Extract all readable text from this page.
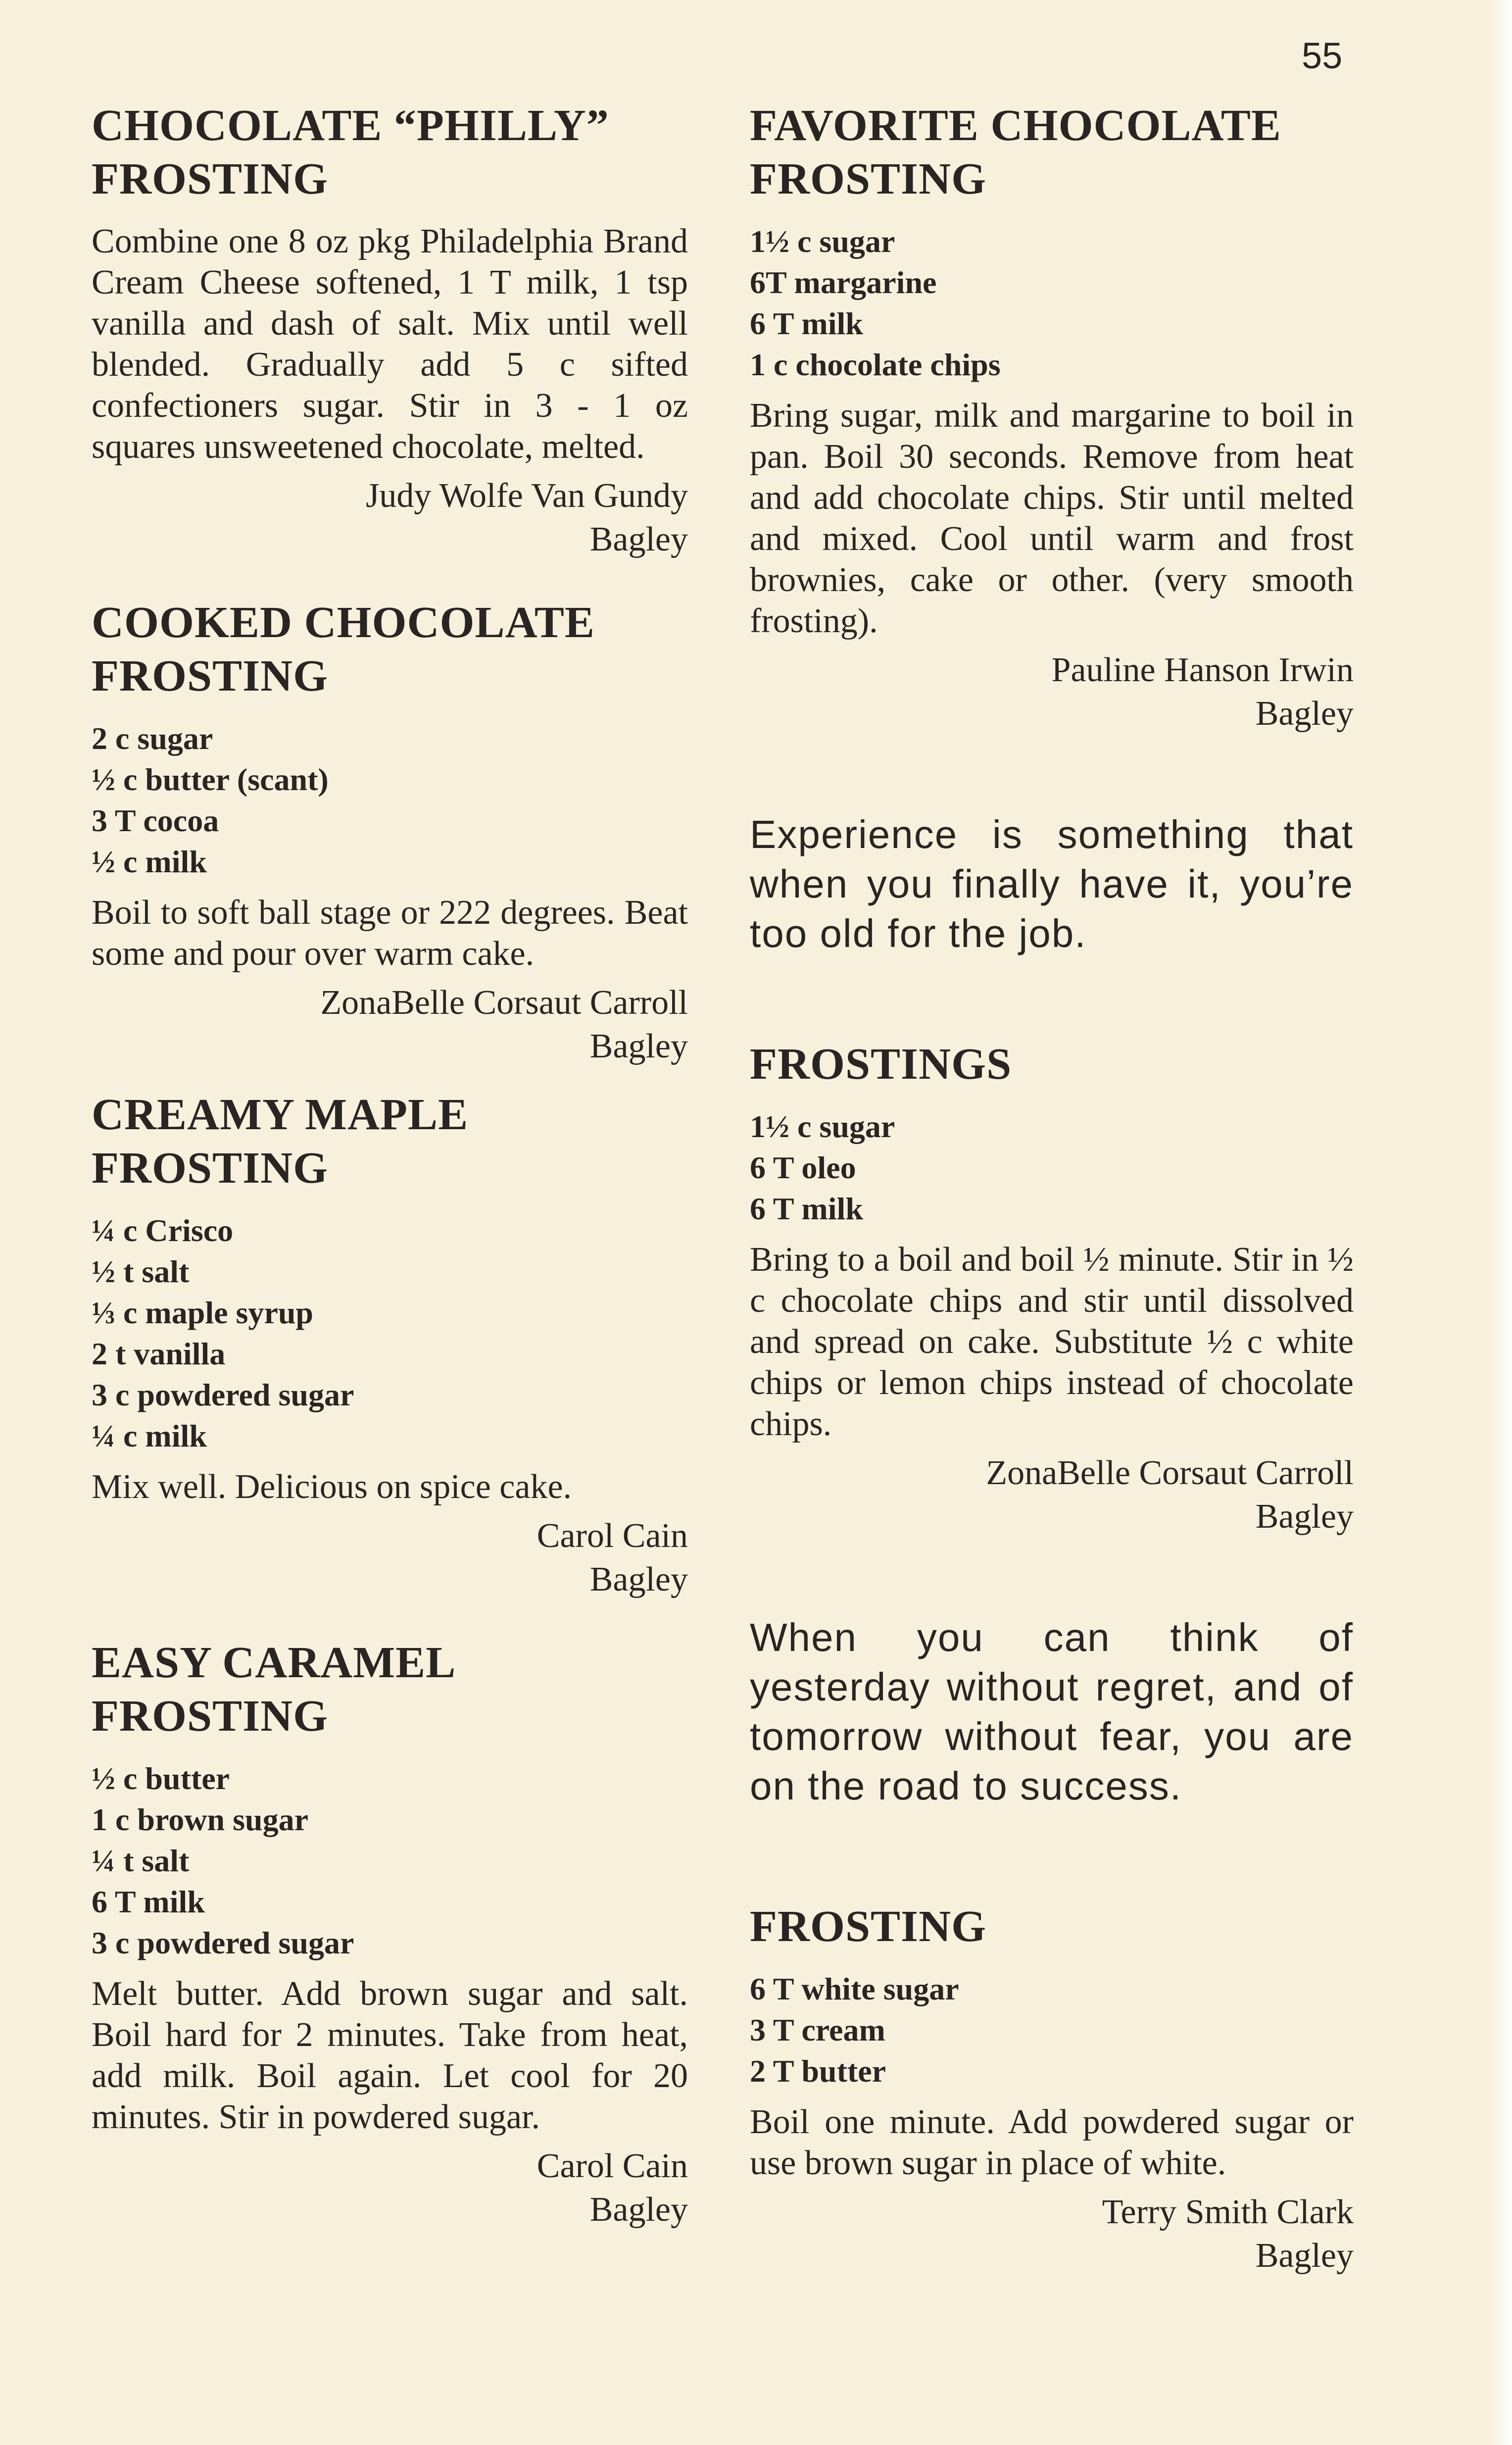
55
CHOCOLATE “PHILLY”
FROSTING
Combine one 8 oz pkg Philadelphia Brand Cream Cheese softened, 1 T milk, 1 tsp vanilla and dash of salt. Mix until well blended. Gradually add 5 c sifted confectioners sugar. Stir in 3 - 1 oz squares unsweetened chocolate, melted.
Judy Wolfe Van Gundy
Bagley
COOKED CHOCOLATE
FROSTING
2 c sugar
½ c butter (scant)
3 T cocoa
½ c milk
Boil to soft ball stage or 222 degrees. Beat some and pour over warm cake.
ZonaBelle Corsaut Carroll
Bagley
CREAMY MAPLE
FROSTING
¼ c Crisco
½ t salt
⅓ c maple syrup
2 t vanilla
3 c powdered sugar
¼ c milk
Mix well. Delicious on spice cake.
Carol Cain
Bagley
EASY CARAMEL
FROSTING
½ c butter
1 c brown sugar
¼ t salt
6 T milk
3 c powdered sugar
Melt butter. Add brown sugar and salt. Boil hard for 2 minutes. Take from heat, add milk. Boil again. Let cool for 20 minutes. Stir in powdered sugar.
Carol Cain
Bagley
FAVORITE CHOCOLATE
FROSTING
1½ c sugar
6T margarine
6 T milk
1 c chocolate chips
Bring sugar, milk and margarine to boil in pan. Boil 30 seconds. Remove from heat and add chocolate chips. Stir until melted and mixed. Cool until warm and frost brownies, cake or other. (very smooth frosting).
Pauline Hanson Irwin
Bagley
Experience is something that when you finally have it, you’re too old for the job.
FROSTINGS
1½ c sugar
6 T oleo
6 T milk
Bring to a boil and boil ½ minute. Stir in ½ c chocolate chips and stir until dissolved and spread on cake. Substitute ½ c white chips or lemon chips instead of chocolate chips.
ZonaBelle Corsaut Carroll
Bagley
When you can think of yesterday without regret, and of tomorrow without fear, you are on the road to success.
FROSTING
6 T white sugar
3 T cream
2 T butter
Boil one minute. Add powdered sugar or use brown sugar in place of white.
Terry Smith Clark
Bagley
